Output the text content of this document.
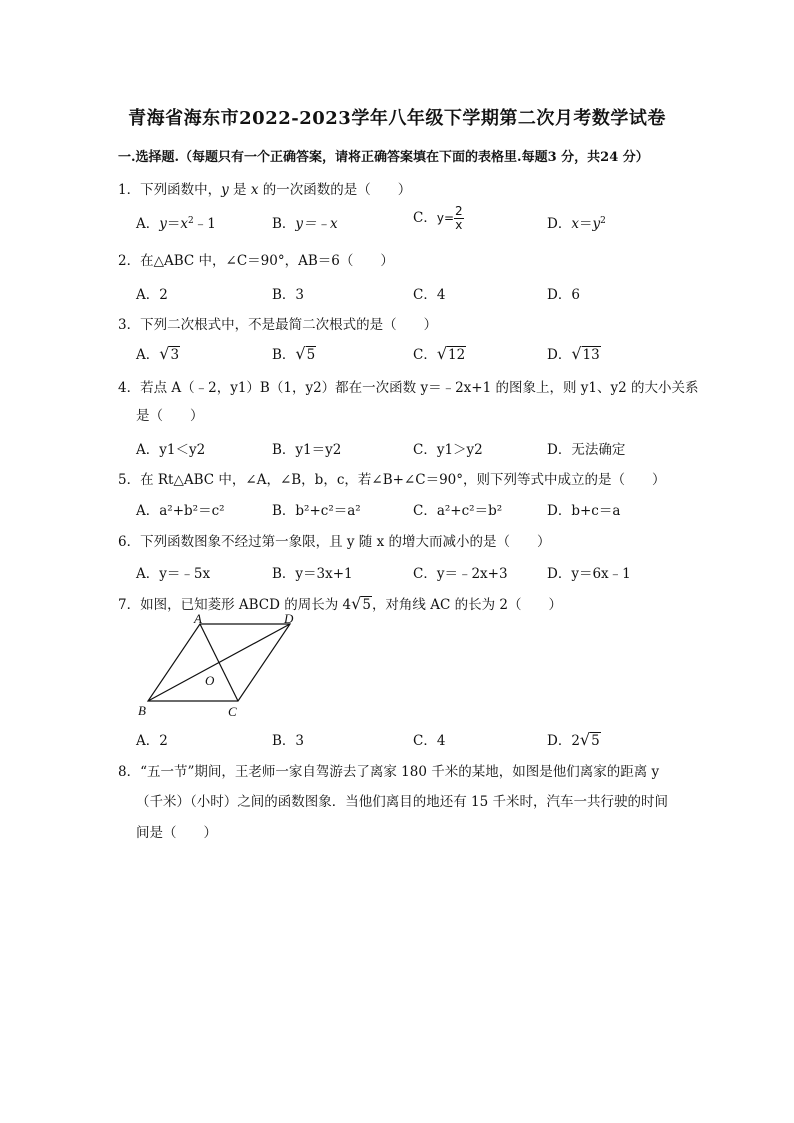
青海省海东市2022-2023学年八年级下学期第二次月考数学试卷
一.选择题.（每题只有一个正确答案，请将正确答案填在下面的表格里.每题3 分，共24 分）
1．下列函数中，y 是 x 的一次函数的是（　　）
A．$y=x^2﹣1$	B．y＝﹣x	C．$y= \frac{2}{x}$	D．$x=y^2$
2．在△ABC 中，∠C＝90°，AB＝6（　　）
A．2	B．3	C．4	D．6
3．下列二次根式中，不是最简二次根式的是（　　）
A．√3	B．√5	C．√12	D．√13
4．若点 A（﹣2，y1）B（1，y2）都在一次函数 y＝﹣2x+1 的图象上，则 y1、y2 的大小关系
是（　　）
A．y1＜y2	B．y1＝y2	C．y1＞y2	D．无法确定
5．在 Rt△ABC 中，∠A，∠B，b，c，若∠B+∠C＝90°，则下列等式中成立的是（　　）
A．a²+b²＝c²	B．b²+c²＝a²	C．a²+c²＝b²	D．b+c＝a
6．下列函数图象不经过第一象限，且 y 随 x 的增大而减小的是（　　）
A．y＝﹣5x	B．y＝3x+1	C．y＝﹣2x+3	D．y＝6x﹣1
7．如图，已知菱形 ABCD 的周长为 4√5，对角线 AC 的长为 2（　　）
A	D
B	C
O
A．2	B．3	C．4	D．2√5
8．“五一节”期间，王老师一家自驾游去了离家 180 千米的某地，如图是他们离家的距离 y
（千米）（小时）之间的函数图象．当他们离目的地还有 15 千米时，汽车一共行驶的时间
间是（　　）
